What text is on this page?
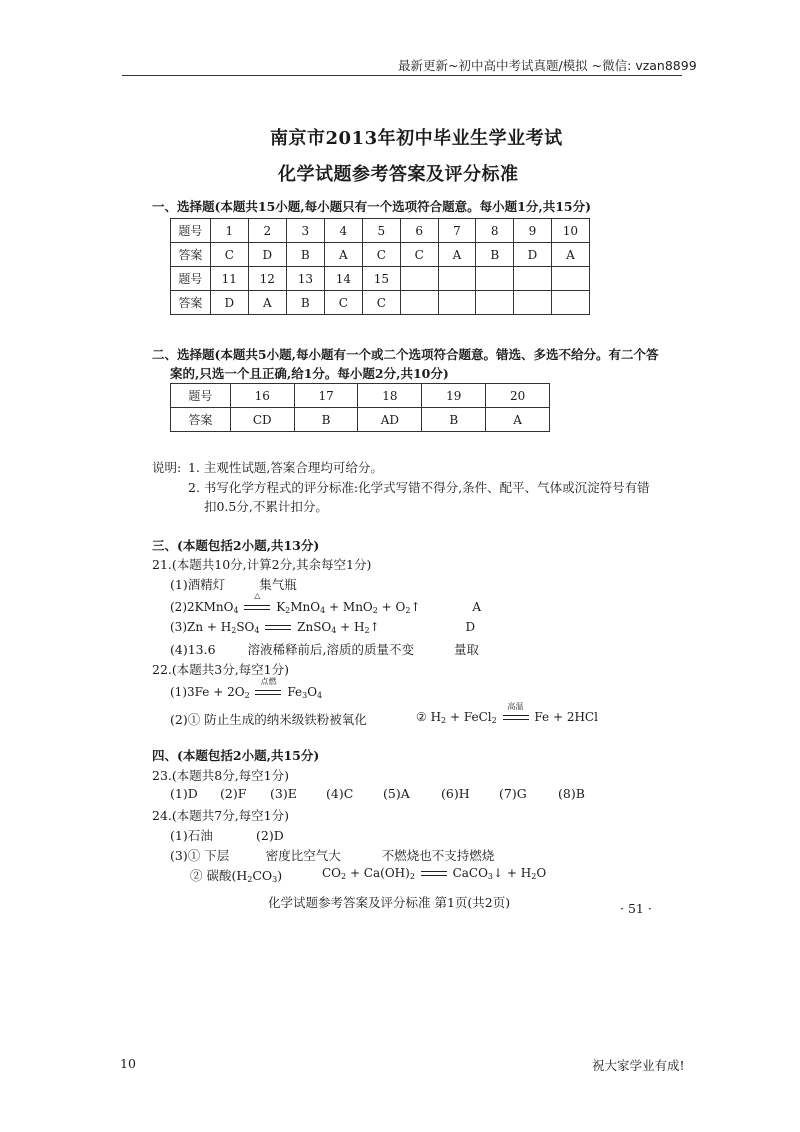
最新更新~初中高中考试真题/模拟 ~微信: vzan8899
南京市2013年初中毕业生学业考试
化学试题参考答案及评分标准
一、选择题(本题共15小题,每小题只有一个选项符合题意。每小题1分,共15分)
题号	1	2	3	4	5	6	7	8	9	10
答案	C	D	B	A	C	C	A	B	D	A
题号	11	12	13	14	15					
答案	D	A	B	C	C					
二、选择题(本题共5小题,每小题有一个或二个选项符合题意。错选、多选不给分。有二个答
案的,只选一个且正确,给1分。每小题2分,共10分)
题号	16	17	18	19	20
答案	CD	B	AD	B	A
说明: 1. 主观性试题,答案合理均可给分。
2. 书写化学方程式的评分标准:化学式写错不得分,条件、配平、气体或沉淀符号有错
扣0.5分,不累计扣分。
三、(本题包括2小题,共13分)
21.(本题共10分,计算2分,其余每空1分)
(1)酒精灯	集气瓶
(2)2KMnO$_4$
△
$K_2MnO_4 + MnO_2$ + $O_2↑$	A
$(3)Zn + H_2SO_4$	ZnSO$_4$ + $H_2↑$	D
(4)13.6	溶液稀释前后,溶质的质量不变	量取
22.(本题共3分,每空1分)
$(1)3Fe + 2O_2$
点燃
$Fe_3O_4$
(2)① 防止生成的纳米级铁粉被氧化	② $H_2$ + FeCl$_2$
高温
Fe + 2HCl
四、(本题包括2小题,共15分)
23.(本题共8分,每空1分)
(1)D (2)F (3)E (4)C (5)A	(6)H (7)G	(8)B
24.(本题共7分,每空1分)
(1)石油	(2)D
(3)① 下层	密度比空气大	不燃烧也不支持燃烧
② 碳酸$(H_2CO_3)$	$CO_2 + Ca(OH)_2$	CaCO$_3$↓ + $H_2O$
化学试题参考答案及评分标准 第1页(共2页)	· 51 ·
10	祝大家学业有成!
